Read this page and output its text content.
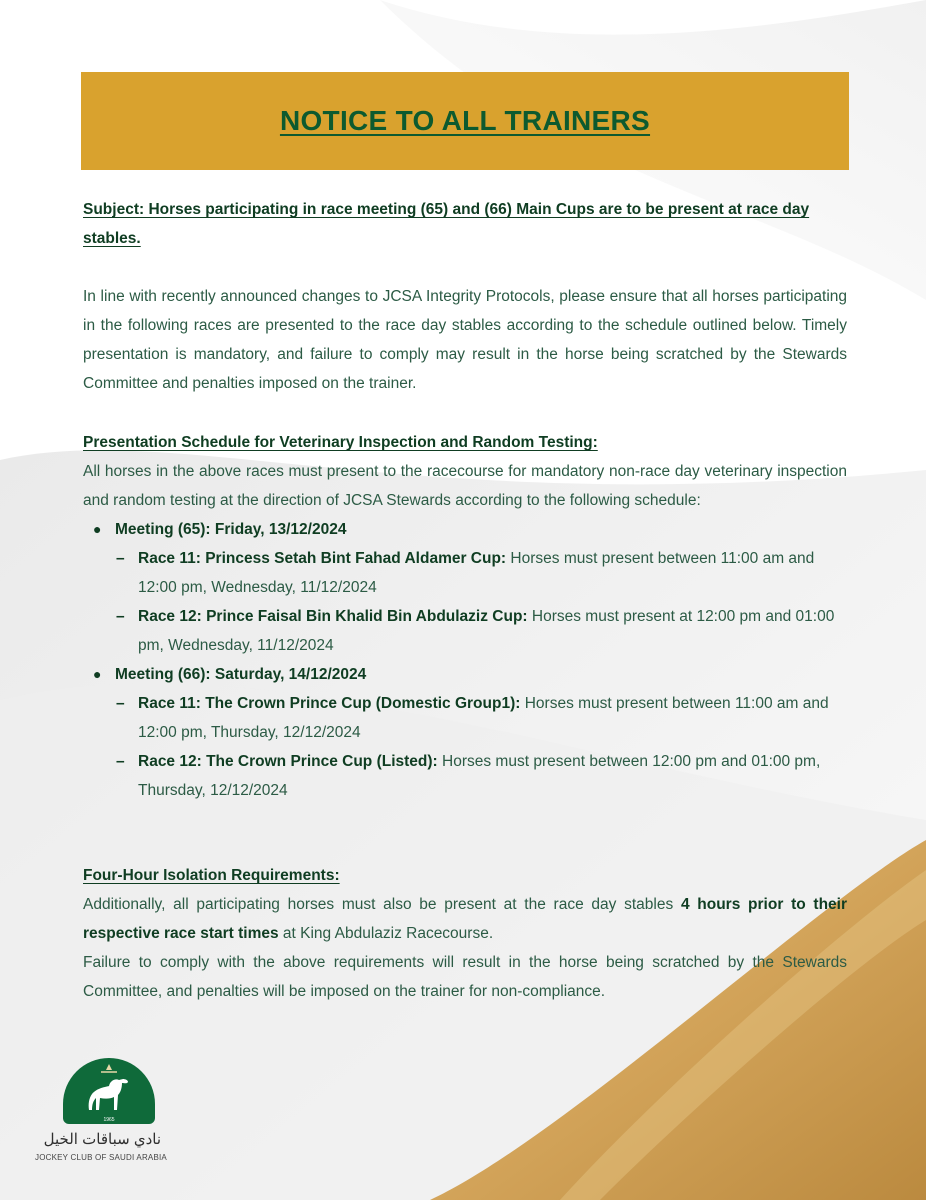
NOTICE TO ALL TRAINERS
Subject: Horses participating in race meeting (65) and (66) Main Cups are to be present at race day stables.
In line with recently announced changes to JCSA Integrity Protocols, please ensure that all horses participating in the following races are presented to the race day stables according to the schedule outlined below. Timely presentation is mandatory, and failure to comply may result in the horse being scratched by the Stewards Committee and penalties imposed on the trainer.
Presentation Schedule for Veterinary Inspection and Random Testing:
All horses in the above races must present to the racecourse for mandatory non-race day veterinary inspection and random testing at the direction of JCSA Stewards according to the following schedule:
● Meeting (65): Friday, 13/12/2024
– Race 11: Princess Setah Bint Fahad Aldamer Cup: Horses must present between 11:00 am and 12:00 pm, Wednesday, 11/12/2024
– Race 12: Prince Faisal Bin Khalid Bin Abdulaziz Cup: Horses must present at 12:00 pm and 01:00 pm, Wednesday, 11/12/2024
● Meeting (66): Saturday, 14/12/2024
– Race 11: The Crown Prince Cup (Domestic Group1): Horses must present between 11:00 am and 12:00 pm, Thursday, 12/12/2024
– Race 12: The Crown Prince Cup (Listed): Horses must present between 12:00 pm and 01:00 pm, Thursday, 12/12/2024
Four-Hour Isolation Requirements:
Additionally, all participating horses must also be present at the race day stables 4 hours prior to their respective race start times at King Abdulaziz Racecourse.
Failure to comply with the above requirements will result in the horse being scratched by the Stewards Committee, and penalties will be imposed on the trainer for non-compliance.
1965
نادي سباقات الخيل
JOCKEY CLUB OF SAUDI ARABIA
